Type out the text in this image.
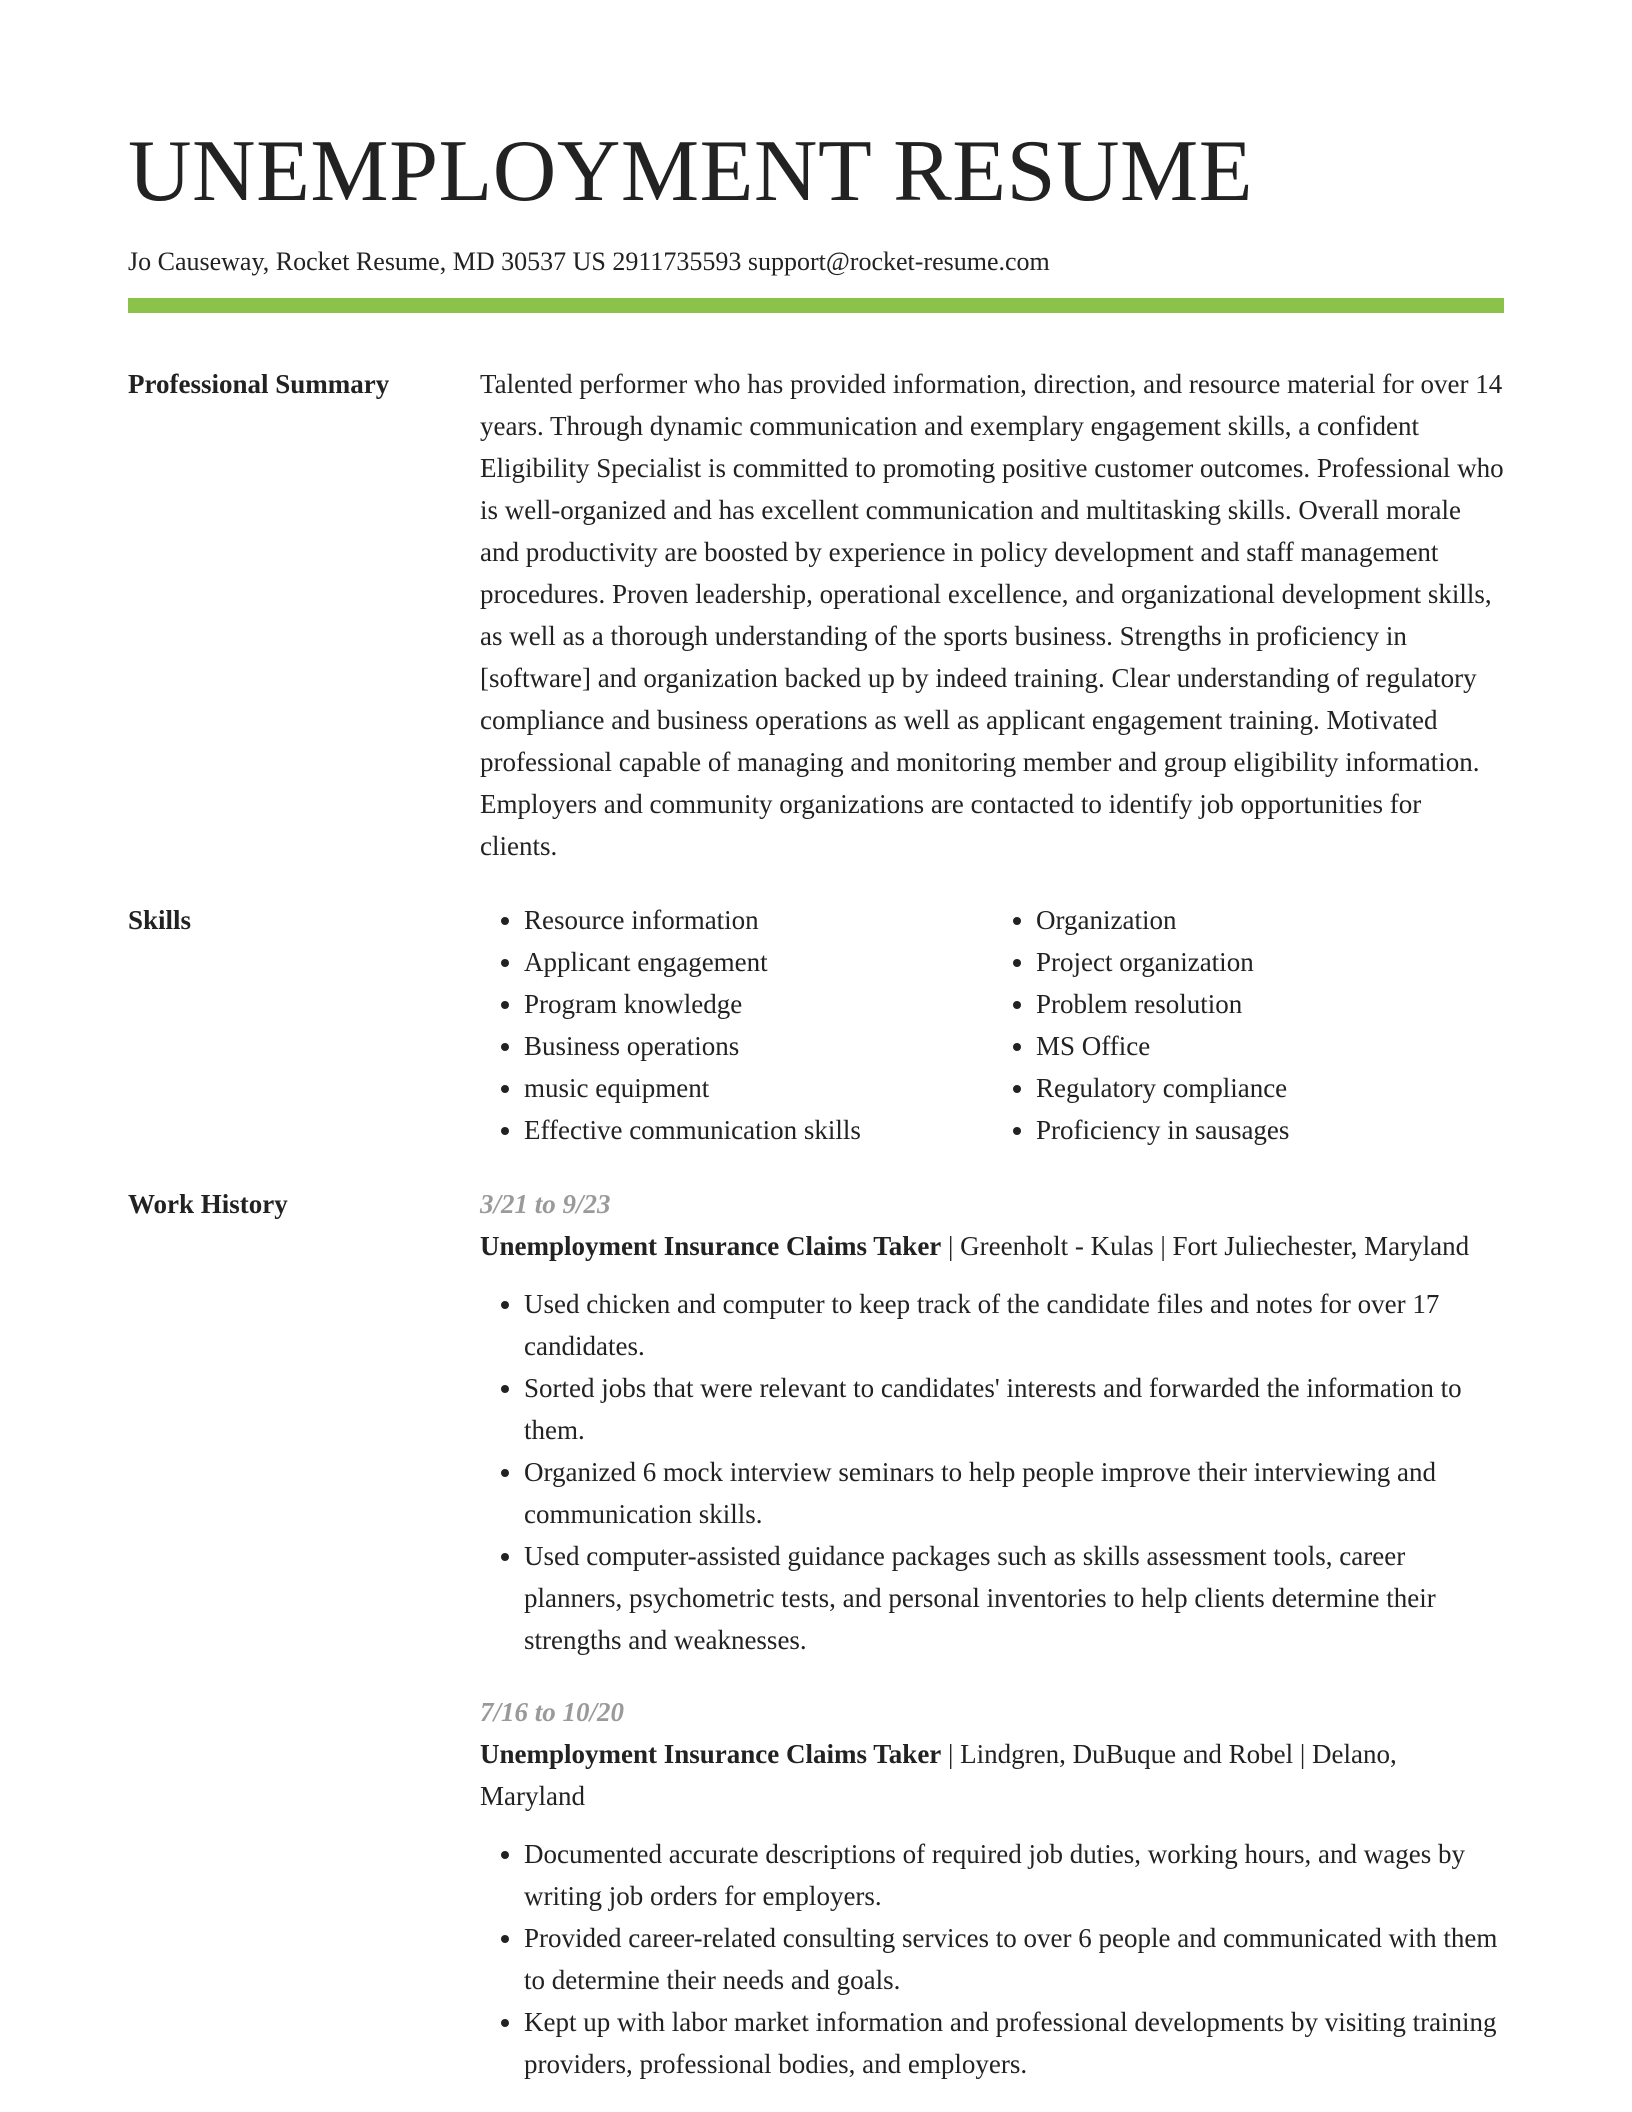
UNEMPLOYMENT RESUME
Jo Causeway, Rocket Resume, MD 30537 US 2911735593 support@rocket-resume.com
Professional Summary	Talented performer who has provided information, direction, and resource material for over 14 years. Through dynamic communication and exemplary engagement skills, a confident Eligibility Specialist is committed to promoting positive customer outcomes. Professional who is well-organized and has excellent communication and multitasking skills. Overall morale and productivity are boosted by experience in policy development and staff management procedures. Proven leadership, operational excellence, and organizational development skills, as well as a thorough understanding of the sports business. Strengths in proficiency in [software] and organization backed up by indeed training. Clear understanding of regulatory compliance and business operations as well as applicant engagement training. Motivated professional capable of managing and monitoring member and group eligibility information. Employers and community organizations are contacted to identify job opportunities for clients.

Skills
•	Resource information
• Applicant engagement
• Program knowledge
• Business operations
• music equipment
• Effective communication skills
• Organization
• Project organization
• Problem resolution
• MS Office
• Regulatory compliance
• Proficiency in sausages
Work History	3/21 to 9/23

Unemployment Insurance Claims Taker | Greenholt - Kulas | Fort Juliechester, Maryland

• Used chicken and computer to keep track of the candidate files and notes for over 17 candidates.
• Sorted jobs that were relevant to candidates' interests and forwarded the information to them.
• Organized 6 mock interview seminars to help people improve their interviewing and communication skills.
• Used computer-assisted guidance packages such as skills assessment tools, career planners, psychometric tests, and personal inventories to help clients determine their strengths and weaknesses.
7/16 to 10/20

Unemployment Insurance Claims Taker | Lindgren, DuBuque and Robel | Delano, Maryland

• Documented accurate descriptions of required job duties, working hours, and wages by writing job orders for employers.
• Provided career-related consulting services to over 6 people and communicated with them to determine their needs and goals.
• Kept up with labor market information and professional developments by visiting training providers, professional bodies, and employers.
